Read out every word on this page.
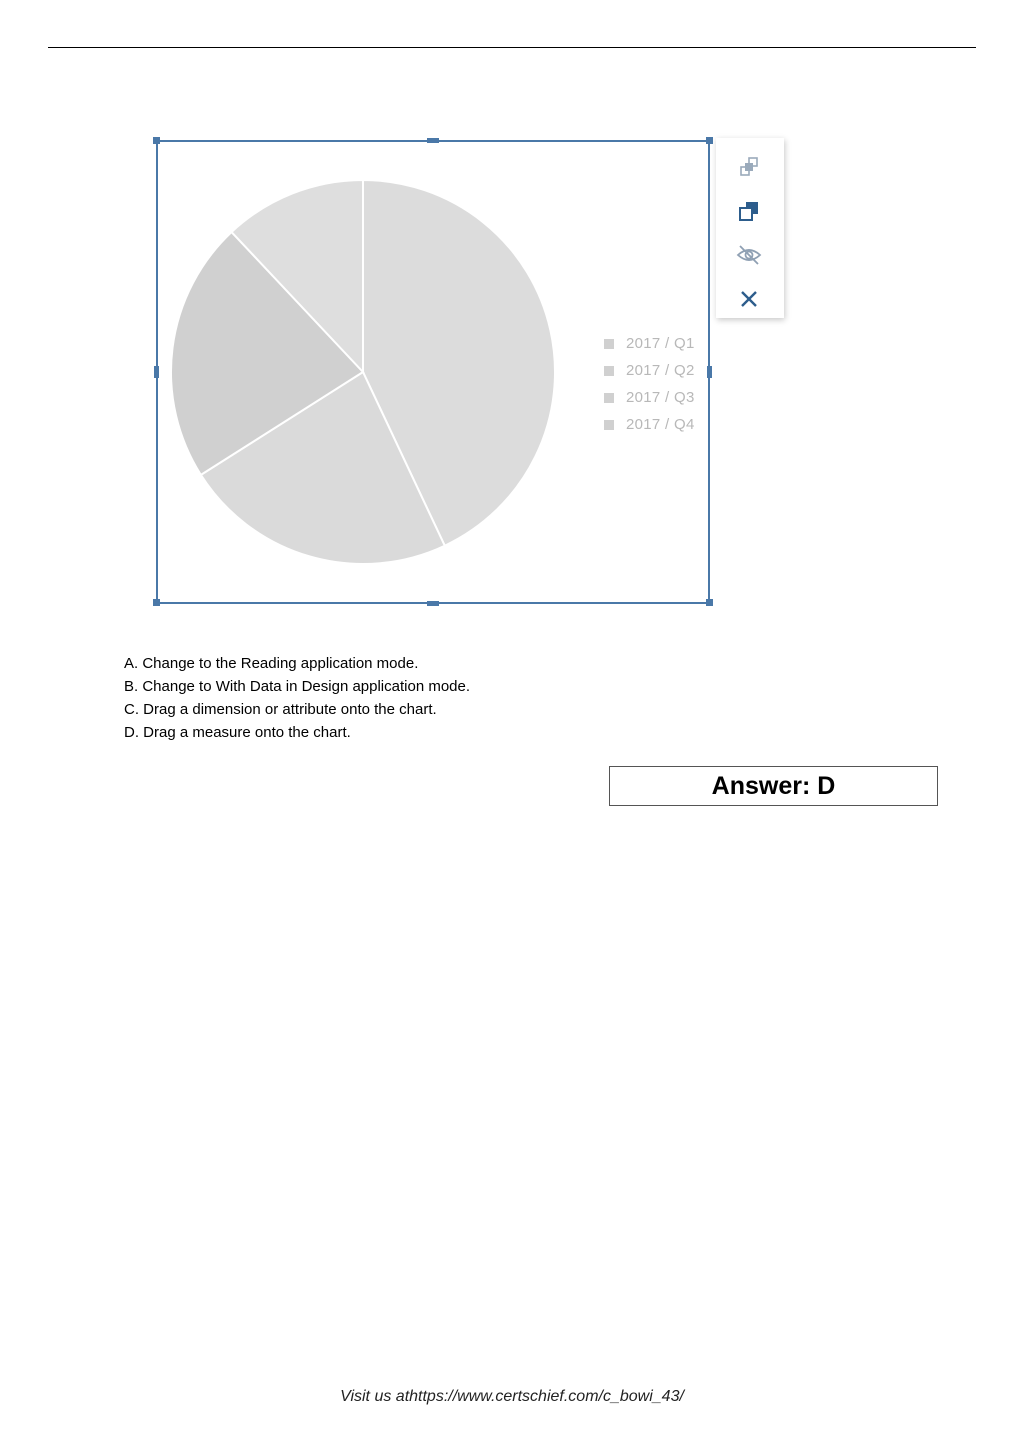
2017 / Q1
2017 / Q2
2017 / Q3
2017 / Q4
A. Change to the Reading application mode.
B. Change to With Data in Design application mode.
C. Drag a dimension or attribute onto the chart.
D. Drag a measure onto the chart.
Answer: D
Visit us athttps://www.certschief.com/c_bowi_43/
